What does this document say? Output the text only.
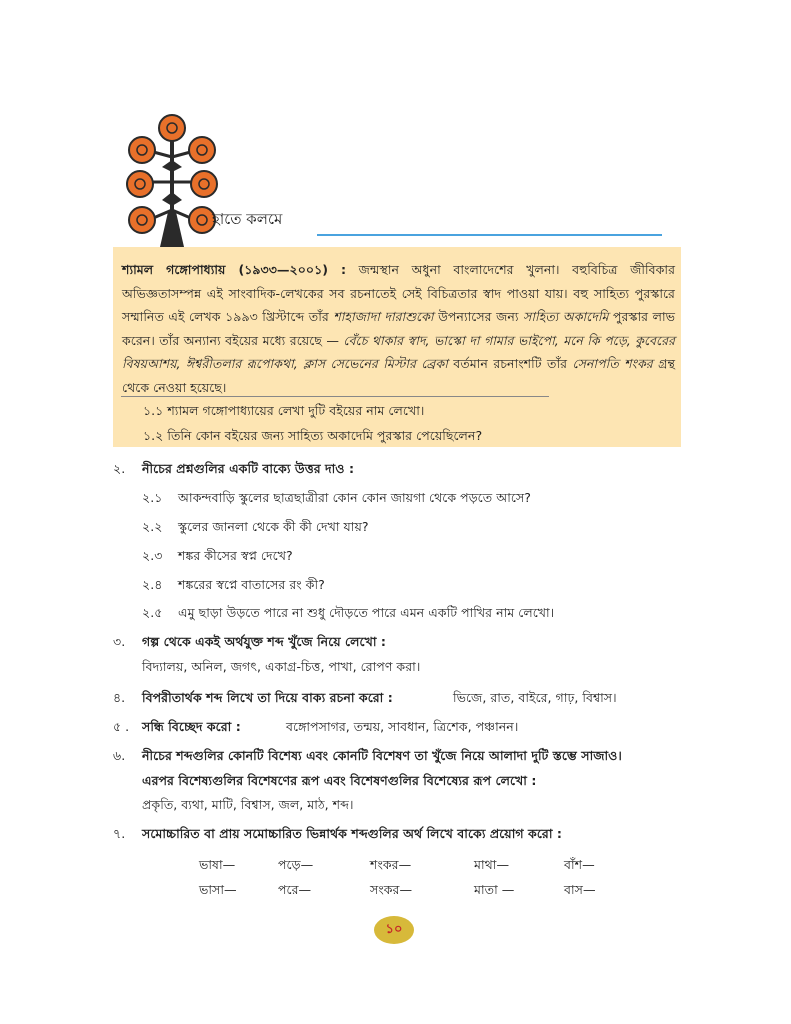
হাতে কলমে
শ্যামল গঙ্গোপাধ্যায় (১৯৩৩—২০০১) : জন্মস্থান অধুনা বাংলাদেশের খুলনা। বহুবিচিত্র জীবিকার অভিজ্ঞতাসম্পন্ন এই সাংবাদিক-লেখকের সব রচনাতেই সেই বিচিত্রতার স্বাদ পাওয়া যায়। বহু সাহিত্য পুরস্কারে সম্মানিত এই লেখক ১৯৯৩ খ্রিস্টাব্দে তাঁর শাহাজাদা দারাশুকো উপন্যাসের জন্য সাহিত্য অকাদেমি পুরস্কার লাভ করেন। তাঁর অন্যান্য বইয়ের মধ্যে রয়েছে — বেঁচে থাকার স্বাদ, ভাস্কো দা গামার ভাইপো, মনে কি পড়ে, কুবেরের বিষয়আশয়, ঈশ্বরীতলার রূপোকথা, ক্লাস সেভেনের মিস্টার ব্রেকা বর্তমান রচনাংশটি তাঁর সেনাপতি শংকর গ্রন্থ থেকে নেওয়া হয়েছে।
১.১ শ্যামল গঙ্গোপাধ্যায়ের লেখা দুটি বইয়ের নাম লেখো।
১.২ তিনি কোন বইয়ের জন্য সাহিত্য অকাদেমি পুরস্কার পেয়েছিলেন?
২. নীচের প্রশ্নগুলির একটি বাক্যে উত্তর দাও :
২.১ আকন্দবাড়ি স্কুলের ছাত্রছাত্রীরা কোন কোন জায়গা থেকে পড়তে আসে?
২.২ স্কুলের জানলা থেকে কী কী দেখা যায়?
২.৩ শঙ্কর কীসের স্বপ্ন দেখে?
২.৪ শঙ্করের স্বপ্নে বাতাসের রং কী?
২.৫ এমু ছাড়া উড়তে পারে না শুধু দৌড়তে পারে এমন একটি পাখির নাম লেখো।
৩. গল্প থেকে একই অর্থযুক্ত শব্দ খুঁজে নিয়ে লেখো :
বিদ্যালয়, অনিল, জগৎ, একাগ্র-চিত্ত, পাখা, রোপণ করা।
৪. বিপরীতার্থক শব্দ লিখে তা দিয়ে বাক্য রচনা করো :	ভিজে, রাত, বাইরে, গাঢ়, বিশ্বাস।
৫ . সন্ধি বিচ্ছেদ করো :	বঙ্গোপসাগর, তন্ময়, সাবধান, ত্রিশেক, পঞ্চানন।
৬. নীচের শব্দগুলির কোনটি বিশেষ্য এবং কোনটি বিশেষণ তা খুঁজে নিয়ে আলাদা দুটি স্তম্ভে সাজাও।
এরপর বিশেষ্যগুলির বিশেষণের রূপ এবং বিশেষণগুলির বিশেষ্যের রূপ লেখো :
প্রকৃতি, ব্যথা, মাটি, বিশ্বাস, জল, মাঠ, শব্দ।
৭. সমোচ্চারিত বা প্রায় সমোচ্চারিত ভিন্নার্থক শব্দগুলির অর্থ লিখে বাক্যে প্রয়োগ করো :
ভাষা—	পড়ে—	শংকর—	মাথা—	বাঁশ—
ভাসা—	পরে—	সংকর—	মাতা —	বাস—
১০
